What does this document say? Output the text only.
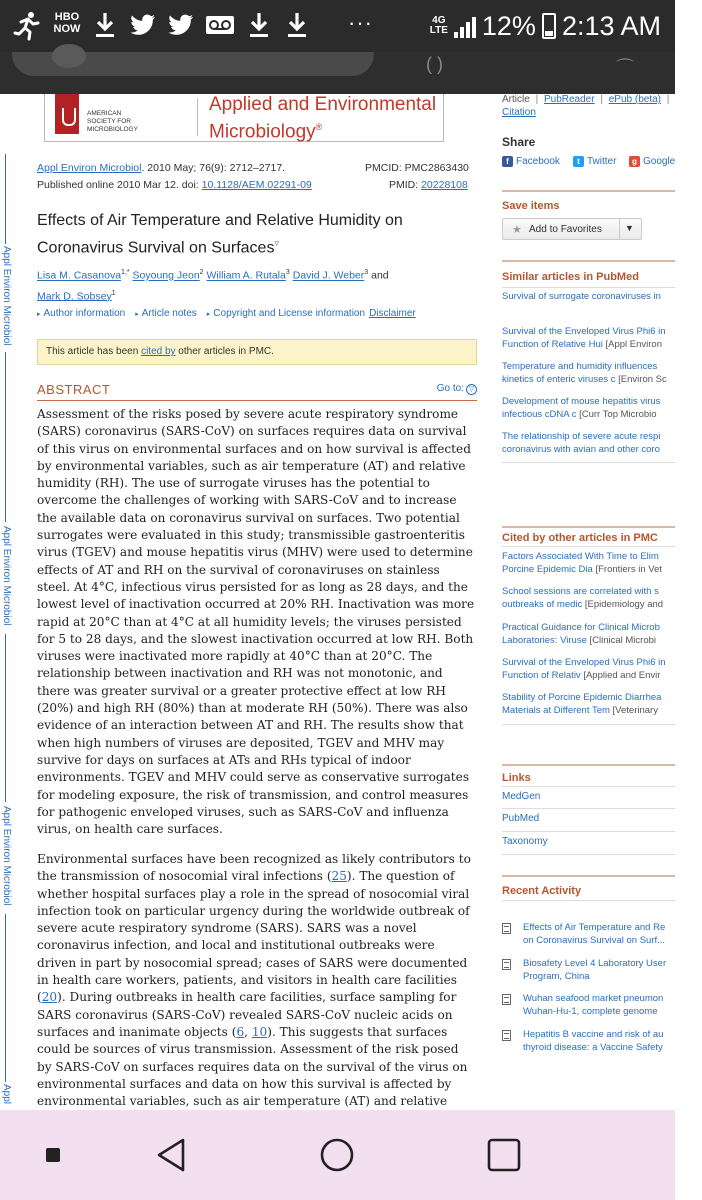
HBO
NOW	···	4G
LTE 12% 2:13 AM
( )	⌒
Appl Environ Microbiol
Appl Environ Microbiol
Appl Environ Microbiol
Appl
AMERICAN
SOCIETY FOR
MICROBIOLOGY
Applied and Environmental
Microbiology®
Appl Environ Microbiol. 2010 May; 76(9): 2712–2717.
Published online 2010 Mar 12. doi: 10.1128/AEM.02291-09
PMCID: PMC2863430
PMID: 20228108
Effects of Air Temperature and Relative Humidity on Coronavirus Survival on Surfaces▿
Lisa M. Casanova$^{1,*}$ Soyoung Jeon$^2$ William A. Rutala$^3$ David J. Weber$^3$ and
Mark D. Sobsey$^1$
▸ Author information ▸ Article notes ▸ Copyright and License information Disclaimer
This article has been cited by other articles in PMC.
ABSTRACT	Go to: ▽
Assessment of the risks posed by severe acute respiratory syndrome (SARS) coronavirus (SARS-CoV) on surfaces requires data on survival of this virus on environmental surfaces and on how survival is affected by environmental variables, such as air temperature (AT) and relative humidity (RH). The use of surrogate viruses has the potential to overcome the challenges of working with SARS-CoV and to increase the available data on coronavirus survival on surfaces. Two potential surrogates were evaluated in this study; transmissible gastroenteritis virus (TGEV) and mouse hepatitis virus (MHV) were used to determine effects of AT and RH on the survival of coronaviruses on stainless steel. At 4°C, infectious virus persisted for as long as 28 days, and the lowest level of inactivation occurred at 20% RH. Inactivation was more rapid at 20°C than at 4°C at all humidity levels; the viruses persisted for 5 to 28 days, and the slowest inactivation occurred at low RH. Both viruses were inactivated more rapidly at 40°C than at 20°C. The relationship between inactivation and RH was not monotonic, and there was greater survival or a greater protective effect at low RH (20%) and high RH (80%) than at moderate RH (50%). There was also evidence of an interaction between AT and RH. The results show that when high numbers of viruses are deposited, TGEV and MHV may survive for days on surfaces at ATs and RHs typical of indoor environments. TGEV and MHV could serve as conservative surrogates for modeling exposure, the risk of transmission, and control measures for pathogenic enveloped viruses, such as SARS-CoV and influenza virus, on health care surfaces.
Environmental surfaces have been recognized as likely contributors to the transmission of nosocomial viral infections (25). The question of whether hospital surfaces play a role in the spread of nosocomial viral infection took on particular urgency during the worldwide outbreak of severe acute respiratory syndrome (SARS). SARS was a novel coronavirus infection, and local and institutional outbreaks were driven in part by nosocomial spread; cases of SARS were documented in health care workers, patients, and visitors in health care facilities (20). During outbreaks in health care facilities, surface sampling for SARS coronavirus (SARS-CoV) revealed SARS-CoV nucleic acids on surfaces and inanimate objects (6, 10). This suggests that surfaces could be sources of virus transmission. Assessment of the risk posed by SARS-CoV on surfaces requires data on the survival of the virus on environmental surfaces and data on how this survival is affected by environmental variables, such as air temperature (AT) and relative
Article | PubReader | ePub (beta) |
Citation
Share
f Facebook	t Twitter	g Google
Save items
★ Add to Favorites	▼
Similar articles in PubMed
Survival of surrogate coronaviruses in
Survival of the Enveloped Virus Phi6 in
Function of Relative Hui [Appl Environ
Temperature and humidity influences
kinetics of enteric viruses c [Environ Sc
Development of mouse hepatitis virus
infectious cDNA c [Curr Top Microbio
The relationship of severe acute respi
coronavirus with avian and other coro
Cited by other articles in PMC
Factors Associated With Time to Elim
Porcine Epidemic Dia [Frontiers in Vet
School sessions are correlated with s
outbreaks of medic [Epidemiology and
Practical Guidance for Clinical Microb
Laboratories: Viruse [Clinical Microbi
Survival of the Enveloped Virus Phi6 in
Function of Relativ [Applied and Envir
Stability of Porcine Epidemic Diarrhea
Materials at Different Tem [Veterinary
Links
MedGen
PubMed
Taxonomy
Recent Activity
Effects of Air Temperature and Re
on Coronavirus Survival on Surf...
Biosafety Level 4 Laboratory User
Program, China
Wuhan seafood market pneumon
Wuhan-Hu-1, complete genome
Hepatitis B vaccine and risk of au
thyroid disease: a Vaccine Safety
